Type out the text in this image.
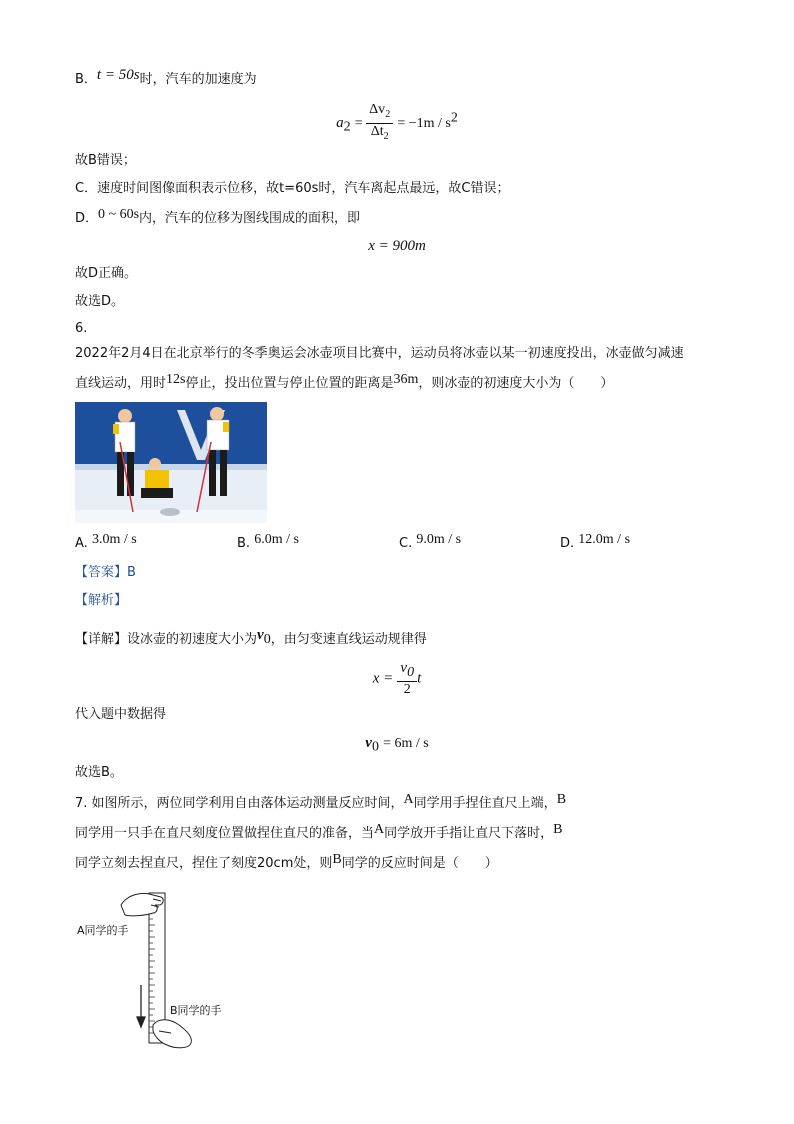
B．t = 50s时，汽车的加速度为
$a_2 = \frac{\Delta v_2}{\Delta t_2} = -1m / s^2$
故B错误；
C．速度时间图像面积表示位移，故t=60s时，汽车离起点最远，故C错误；
D．0 ~ 60s内，汽车的位移为图线围成的面积，即
x = 900m
故D正确。
故选D。
6.
2022年2月4日在北京举行的冬季奥运会冰壶项目比赛中，运动员将冰壶以某一初速度投出，冰壶做匀减速
直线运动，用时12s停止，投出位置与停止位置的距离是36m，则冰壶的初速度大小为（　　）
A. 3.0m / s	B. 6.0m / s	C. 9.0m / s	D. 12.0m / s
【答案】B
【解析】
【详解】设冰壶的初速度大小为$v_0$，由匀变速直线运动规律得
$x = \frac{v_0}{2}$ t
代入题中数据得
$v_0 = 6m / s$
故选B。
7. 如图所示，两位同学利用自由落体运动测量反应时间，A同学用手捏住直尺上端，B
同学用一只手在直尺刻度位置做捏住直尺的准备，当A同学放开手指让直尺下落时，B
同学立刻去捏直尺，捏住了刻度20cm处，则B同学的反应时间是（　　）
A同学的手
B同学的手
